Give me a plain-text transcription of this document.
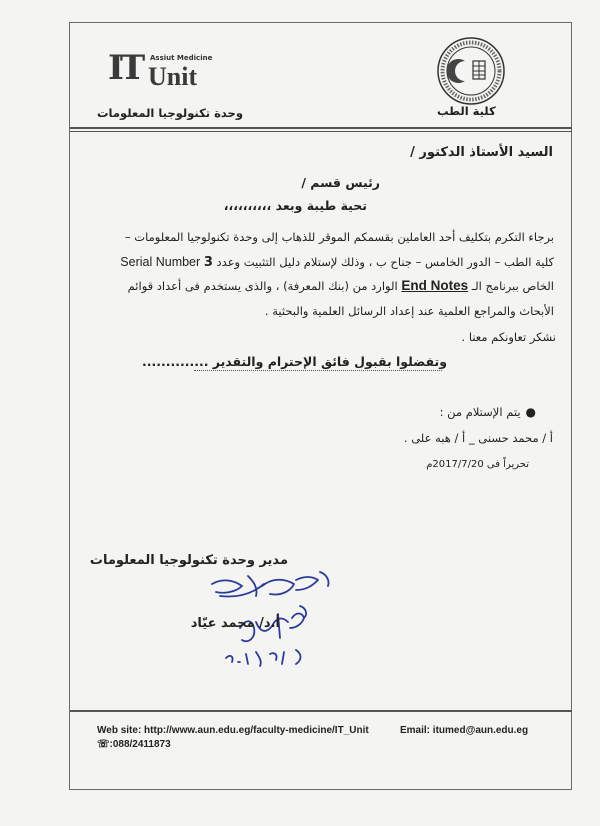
IT Assiut Medicine
Unit
وحدة تكنولوجيا المعلومات	كلية الطب
السيد الأستاذ الدكتور /
رئيس قسم /
تحية طيبة وبعد ،،،،،،،،،،
برجاء التكرم بتكليف أحد العاملين بقسمكم الموقر للذهاب إلى وحدة تكنولوجيا المعلومات –
كلية الطب – الدور الخامس – جناح ب ، وذلك لإستلام دليل التثبيت وعدد 3 Serial Number
الخاص ببرنامج الـ End Notes الوارد من (بنك المعرفة) ، والذى يستخدم فى أعداد قوائم
الأبحاث والمراجع العلمية عند إعداد الرسائل العلمية والبحثية .
نشكر تعاونكم معنا .
وتفضلوا بقبول فائق الإحترام والتقدير ..............
●يتم الإستلام من :
أ / محمد حسنى _ أ / هبه على .
تحريراً فى 2017/7/20م
مدير وحدة تكنولوجيا المعلومات
أ.د/ محمد عيّاد
Web site: http://www.aun.edu.eg/faculty-medicine/IT_Unit	Email: itumed@aun.edu.eg
☏:088/2411873
